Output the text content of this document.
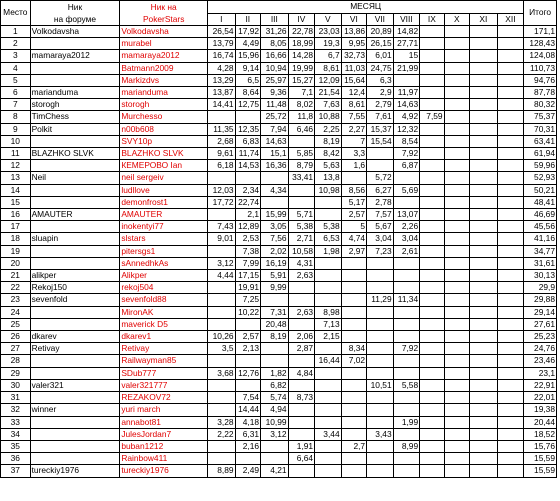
Место	Ник
на форуме	Ник на
PokerStars	МЕСЯЦ												Итого
			I	II	III	IV	V	VI	VII	VIII	IX	X	XI	XII	
1	Volkodavsha	Volkodavsha	26,54	17,92	31,26	22,78	23,03	13,86	20,89	14,82					171,1
2		murabel	13,79	4,49	8,05	18,99	19,3	9,95	26,15	27,71					128,43
3	mamaraya2012	mamaraya2012	16,74	15,96	16,66	14,28	6,7	32,73	6,01	15					124,08
4		Batmann2009	4,28	9,14	10,94	19,99	8,61	11,03	24,75	21,99					110,73
5		Markizdvs	13,29	6,5	25,97	15,27	12,09	15,64	6,3						94,76
6	marianduma	marianduma	13,87	8,64	9,36	7,1	21,54	12,4	2,9	11,97					87,78
7	storogh	storogh	14,41	12,75	11,48	8,02	7,63	8,61	2,79	14,63					80,32
8	TimChess	Murchesso			25,72	11,8	10,88	7,55	7,61	4,92	7,59				75,37
9	Polkit	n00b608	11,35	12,35	7,94	6,46	2,25	2,27	15,37	12,32					70,31
10		SVY10p	2,68	6,83	14,63		8,19	7	15,54	8,54					63,41
11	BLAZHKO SLVK	BLAZHKO SLVK	9,61	11,74	15,1	5,85	8,42	3,3		7,92					61,94
12		КЕМЕРОВО Ian	6,18	14,53	16,36	8,79	5,63	1,6		6,87					59,96
13	Neil	neil sergeiv				33,41	13,8		5,72						52,93
14		ludllove	12,03	2,34	4,34		10,98	8,56	6,27	5,69					50,21
15		demonfrost1	17,72	22,74				5,17	2,78						48,41
16	AMAUTER	AMAUTER		2,1	15,99	5,71		2,57	7,57	13,07					46,69
17		inokentyi77	7,43	12,89	3,05	5,38	5,38	5	5,67	2,26					45,56
18	sluapin	slstars	9,01	2,53	7,56	2,71	6,53	4,74	3,04	3,04					41,16
19		pitersgs1		7,38	2,02	10,58	1,98	2,97	7,23	2,61					34,77
20		sAnnedhkAs	3,12	7,99	16,19	4,31									31,61
21	alikper	Alikper	4,44	17,15	5,91	2,63									30,13
22	Rekoj150	rekoj504		19,91	9,99										29,9
23	sevenfold	sevenfold88		7,25					11,29	11,34					29,88
24		MironAK		10,22	7,31	2,63	8,98								29,14
25		maverick D5			20,48		7,13								27,61
26	dkarev	dkarev1	10,26	2,57	8,19	2,06	2,15								25,23
27	Retivay	Retivay	3,5	2,13		2,87		8,34		7,92					24,76
28		Railwayman85					16,44	7,02							23,46
29		SDub777	3,68	12,76	1,82	4,84									23,1
30	valer321	valer321777			6,82				10,51	5,58					22,91
31		REZAKOV72		7,54	5,74	8,73									22,01
32	winner	yuri march		14,44	4,94										19,38
33		annabot81	3,28	4,18	10,99					1,99					20,44
34		JulesJordan7	2,22	6,31	3,12		3,44		3,43						18,52
35		buban1212		2,16		1,91		2,7		8,99					15,76
36		Rainbow411				6,64									15,59
37	tureckiy1976	tureckiy1976	8,89	2,49	4,21										15,59
